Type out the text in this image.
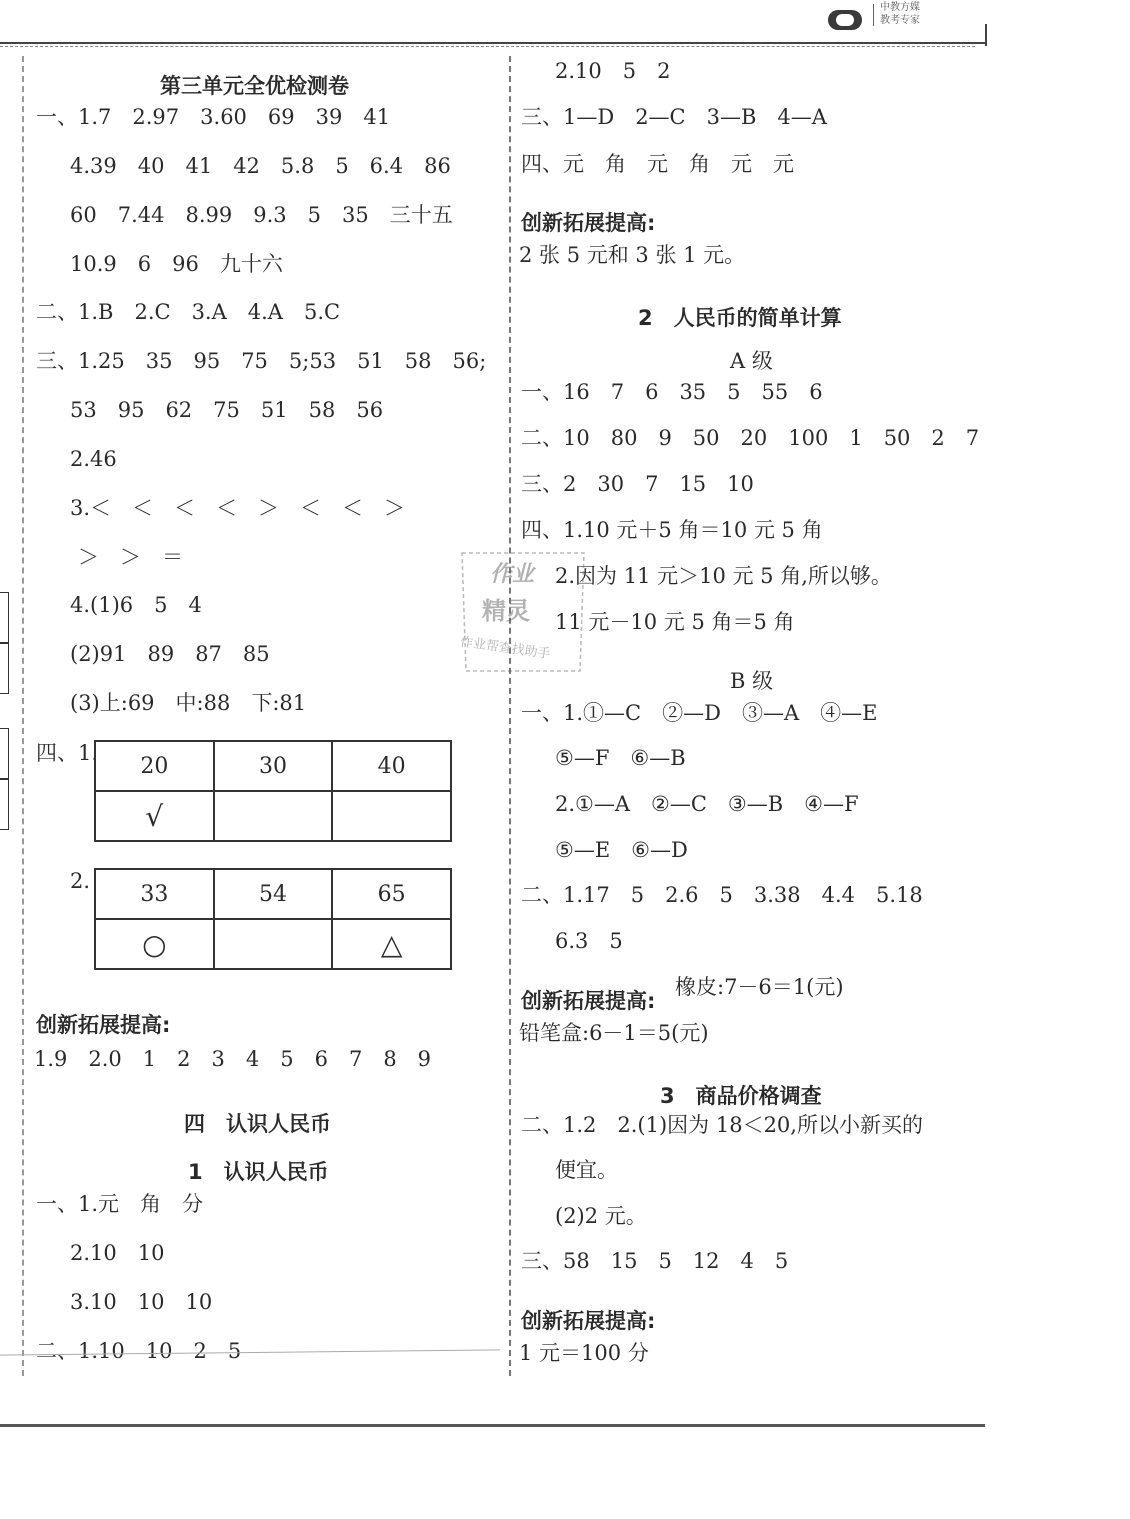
中教方媒
教考专家
第三单元全优检测卷
一、1.7　2.97　3.60　69　39　41
4.39　40　41　42　5.8　5　6.4　86
60　7.44　8.99　9.3　5　35　三十五
10.9　6　96　九十六
二、1.B　2.C　3.A　4.A　5.C
三、1.25　35　95　75　5;53　51　58　56;
53　95　62　75　51　58　56
2.46
3.＜　＜　＜　＜　＞　＜　＜　＞
＞　＞　＝
4.(1)6　5　4
(2)91　89　87　85
(3)上:69　中:88　下:81
四、1.
20	30	40
√		
2.
33	54	65
○		△
创新拓展提高:
1.9　2.0　1　2　3　4　5　6　7　8　9
四　认识人民币
1　认识人民币
一、1.元　角　分
2.10　10
3.10　10　10
二、1.10　10　2　5
2.10　5　2
三、1—D　2—C　3—B　4—A
四、元　角　元　角　元　元
创新拓展提高:
2 张 5 元和 3 张 1 元。
2　人民币的简单计算
A 级
一、16　7　6　35　5　55　6
二、10　80　9　50　20　100　1　50　2　7
三、2　30　7　15　10
四、1.10 元＋5 角＝10 元 5 角
2.因为 11 元＞10 元 5 角,所以够。
11 元－10 元 5 角＝5 角
B 级
一、1.①—C　②—D　③—A　④—E
⑤—F　⑥—B
2.①—A　②—C　③—B　④—F
⑤—E　⑥—D
二、1.17　5　2.6　5　3.38　4.4　5.18
6.3　5
创新拓展提高:
橡皮:7－6＝1(元)
铅笔盒:6－1＝5(元)
3　商品价格调查
二、1.2　2.(1)因为 18＜20,所以小新买的
便宜。
(2)2 元。
三、58　15　5　12　4　5
创新拓展提高:
1 元＝100 分
作业
精灵
作业帮查找助手
